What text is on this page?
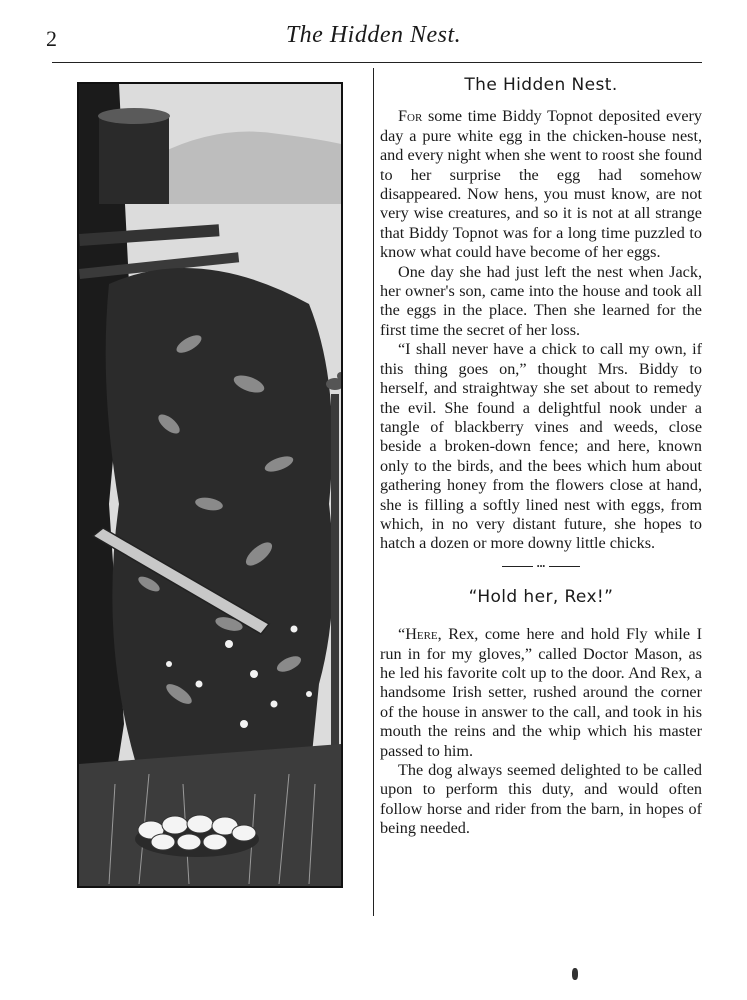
2	The Hidden Nest.
The Hidden Nest.

For some time Biddy Topnot deposited every day a pure white egg in the chicken-house nest, and every night when she went to roost she found to her surprise the egg had somehow disappeared. Now hens, you must know, are not very wise creatures, and so it is not at all strange that Biddy Topnot was for a long time puzzled to know what could have become of her eggs.

One day she had just left the nest when Jack, her owner's son, came into the house and took all the eggs in the place. Then she learned for the first time the secret of her loss.

“I shall never have a chick to call my own, if this thing goes on,” thought Mrs. Biddy to herself, and straightway she set about to remedy the evil. She found a delightful nook under a tangle of blackberry vines and weeds, close beside a broken-down fence; and here, known only to the birds, and the bees which hum about gathering honey from the flowers close at hand, she is filling a softly lined nest with eggs, from which, in no very distant future, she hopes to hatch a dozen or more downy little chicks.

•••
“Hold her, Rex!”

“Here, Rex, come here and hold Fly while I run in for my gloves,” called Doctor Mason, as he led his favorite colt up to the door. And Rex, a handsome Irish setter, rushed around the corner of the house in answer to the call, and took in his mouth the reins and the whip which his master passed to him.

The dog always seemed delighted to be called upon to perform this duty, and would often follow horse and rider from the barn, in hopes of being needed.
